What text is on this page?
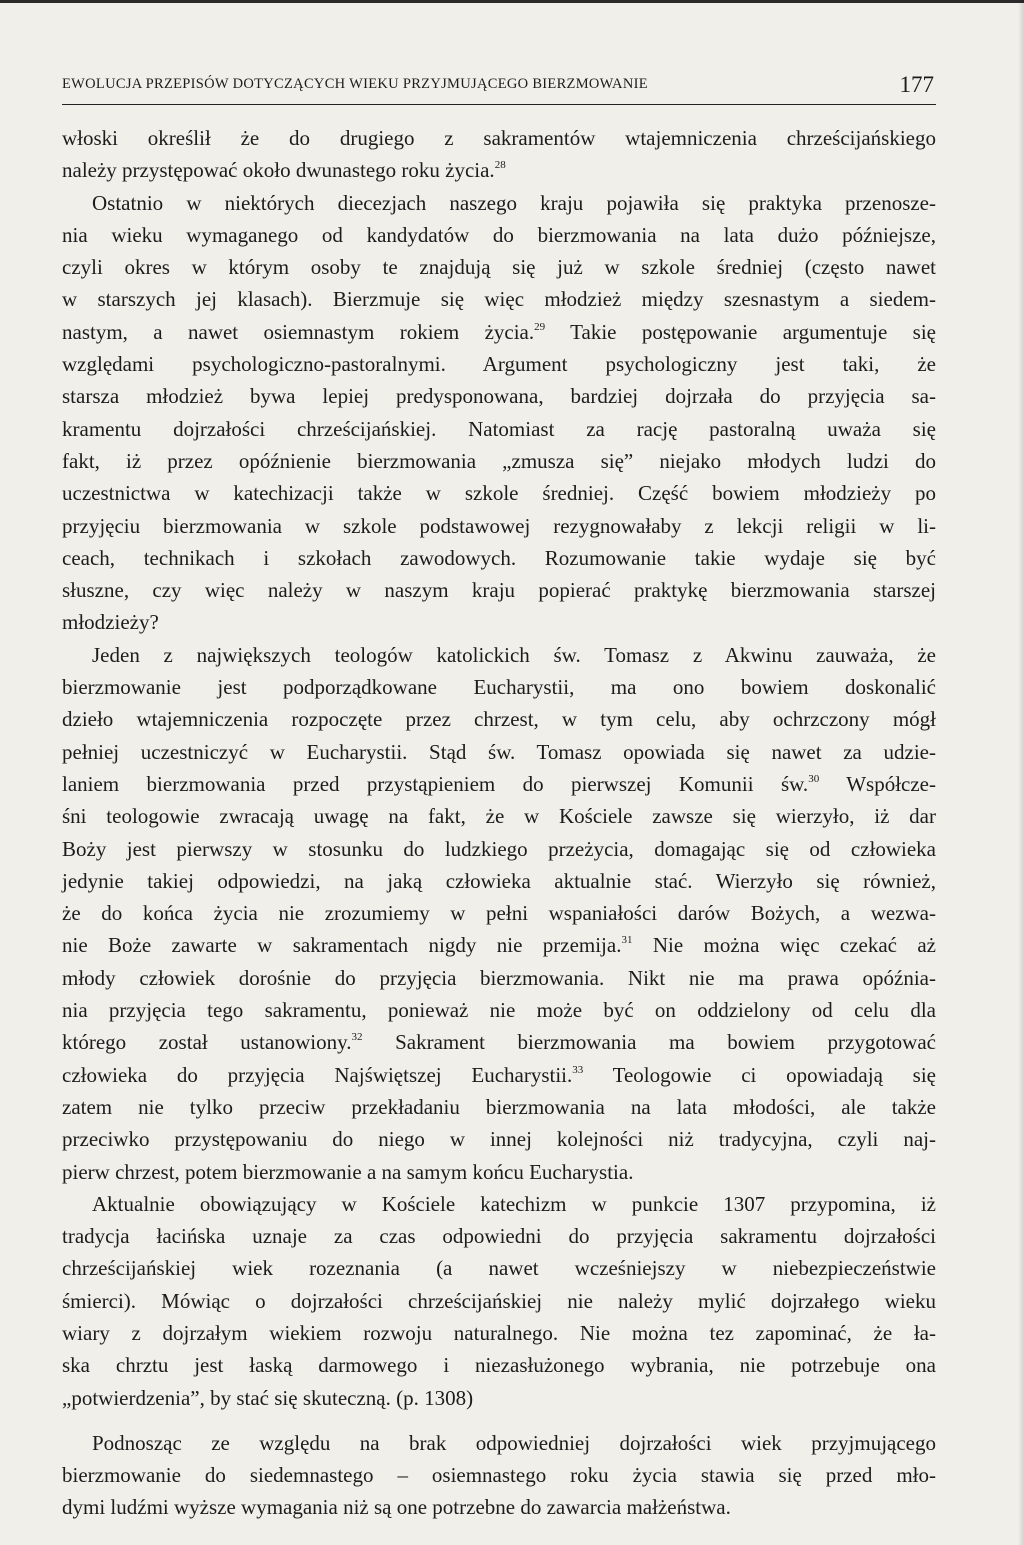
EWOLUCJA PRZEPISÓW DOTYCZĄCYCH WIEKU PRZYJMUJĄCEGO BIERZMOWANIE	177
włoski określił że do drugiego z sakramentów wtajemniczenia chrześcijańskiego
należy przystępować około dwunastego roku życia.$^{28}$
Ostatnio w niektórych diecezjach naszego kraju pojawiła się praktyka przenosze-
nia wieku wymaganego od kandydatów do bierzmowania na lata dużo późniejsze,
czyli okres w którym osoby te znajdują się już w szkole średniej (często nawet
w starszych jej klasach). Bierzmuje się więc młodzież między szesnastym a siedem-
nastym, a nawet osiemnastym rokiem życia.$^{29}$ Takie postępowanie argumentuje się
względami psychologiczno-pastoralnymi. Argument psychologiczny jest taki, że
starsza młodzież bywa lepiej predysponowana, bardziej dojrzała do przyjęcia sa-
kramentu dojrzałości chrześcijańskiej. Natomiast za rację pastoralną uważa się
fakt, iż przez opóźnienie bierzmowania „zmusza się” niejako młodych ludzi do
uczestnictwa w katechizacji także w szkole średniej. Część bowiem młodzieży po
przyjęciu bierzmowania w szkole podstawowej rezygnowałaby z lekcji religii w li-
ceach, technikach i szkołach zawodowych. Rozumowanie takie wydaje się być
słuszne, czy więc należy w naszym kraju popierać praktykę bierzmowania starszej
młodzieży?
Jeden z największych teologów katolickich św. Tomasz z Akwinu zauważa, że
bierzmowanie jest podporządkowane Eucharystii, ma ono bowiem doskonalić
dzieło wtajemniczenia rozpoczęte przez chrzest, w tym celu, aby ochrzczony mógł
pełniej uczestniczyć w Eucharystii. Stąd św. Tomasz opowiada się nawet za udzie-
laniem bierzmowania przed przystąpieniem do pierwszej Komunii św.$^{30}$ Współcze-
śni teologowie zwracają uwagę na fakt, że w Kościele zawsze się wierzyło, iż dar
Boży jest pierwszy w stosunku do ludzkiego przeżycia, domagając się od człowieka
jedynie takiej odpowiedzi, na jaką człowieka aktualnie stać. Wierzyło się również,
że do końca życia nie zrozumiemy w pełni wspaniałości darów Bożych, a wezwa-
nie Boże zawarte w sakramentach nigdy nie przemija.$^{31}$ Nie można więc czekać aż
młody człowiek dorośnie do przyjęcia bierzmowania. Nikt nie ma prawa opóźnia-
nia przyjęcia tego sakramentu, ponieważ nie może być on oddzielony od celu dla
którego został ustanowiony.$^{32}$ Sakrament bierzmowania ma bowiem przygotować
człowieka do przyjęcia Najświętszej Eucharystii.$^{33}$ Teologowie ci opowiadają się
zatem nie tylko przeciw przekładaniu bierzmowania na lata młodości, ale także
przeciwko przystępowaniu do niego w innej kolejności niż tradycyjna, czyli naj-
pierw chrzest, potem bierzmowanie a na samym końcu Eucharystia.
Aktualnie obowiązujący w Kościele katechizm w punkcie 1307 przypomina, iż
tradycja łacińska uznaje za czas odpowiedni do przyjęcia sakramentu dojrzałości
chrześcijańskiej wiek rozeznania (a nawet wcześniejszy w niebezpieczeństwie
śmierci). Mówiąc o dojrzałości chrześcijańskiej nie należy mylić dojrzałego wieku
wiary z dojrzałym wiekiem rozwoju naturalnego. Nie można tez zapominać, że ła-
ska chrztu jest łaską darmowego i niezasłużonego wybrania, nie potrzebuje ona
„potwierdzenia”, by stać się skuteczną. (p. 1308)
Podnosząc ze względu na brak odpowiedniej dojrzałości wiek przyjmującego
bierzmowanie do siedemnastego – osiemnastego roku życia stawia się przed mło-
dymi ludźmi wyższe wymagania niż są one potrzebne do zawarcia małżeństwa.
